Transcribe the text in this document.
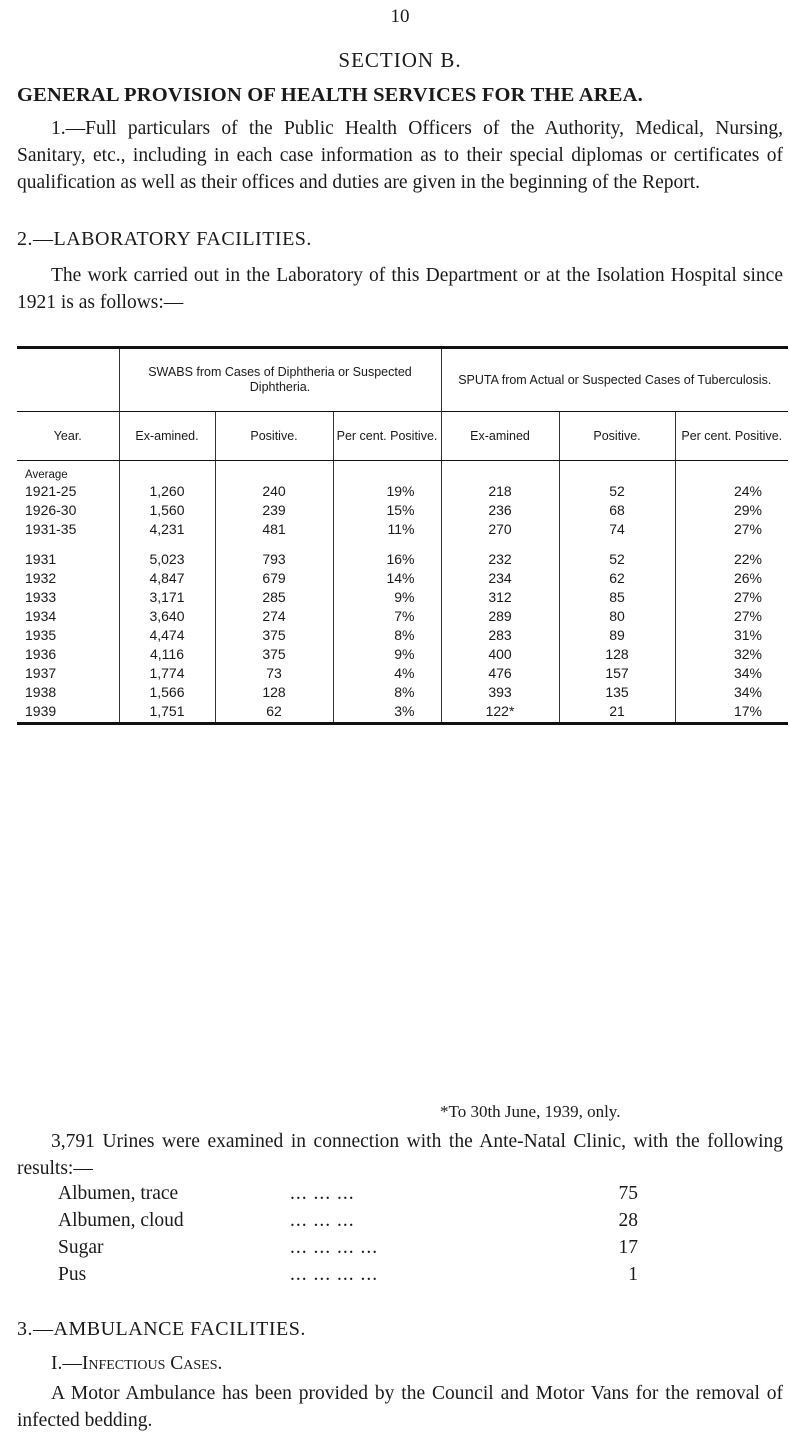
10
SECTION B.
GENERAL PROVISION OF HEALTH SERVICES FOR THE AREA.
1.—Full particulars of the Public Health Officers of the Authority, Medical, Nursing, Sanitary, etc., including in each case information as to their special diplomas or certificates of qualification as well as their offices and duties are given in the beginning of the Report.
2.—LABORATORY FACILITIES.
The work carried out in the Laboratory of this Department or at the Isolation Hospital since 1921 is as follows:—
	SWABS from Cases of Diphtheria or Suspected Diphtheria.			SPUTA from Actual or Suspected Cases of Tuberculosis.		
Year.	Ex-amined.	Positive.	Per cent. Positive.	Ex-amined	Positive.	Per cent. Positive.
Average						
1921-25	1,260	240	19%	218	52	24%
1926-30	1,560	239	15%	236	68	29%
1931-35	4,231	481	11%	270	74	27%
1931	5,023	793	16%	232	52	22%
1932	4,847	679	14%	234	62	26%
1933	3,171	285	9%	312	85	27%
1934	3,640	274	7%	289	80	27%
1935	4,474	375	8%	283	89	31%
1936	4,116	375	9%	400	128	32%
1937	1,774	73	4%	476	157	34%
1938	1,566	128	8%	393	135	34%
1939	1,751	62	3%	122*	21	17%
*To 30th June, 1939, only.
3,791 Urines were examined in connection with the Ante-Natal Clinic, with the following results:—
Albumen, trace	... ... ...	75
Albumen, cloud	... ... ...	28
Sugar	... ... ... ...	17
Pus	... ... ... ...	1
3.—AMBULANCE FACILITIES.
I.—Infectious Cases.
A Motor Ambulance has been provided by the Council and Motor Vans for the removal of infected bedding.
